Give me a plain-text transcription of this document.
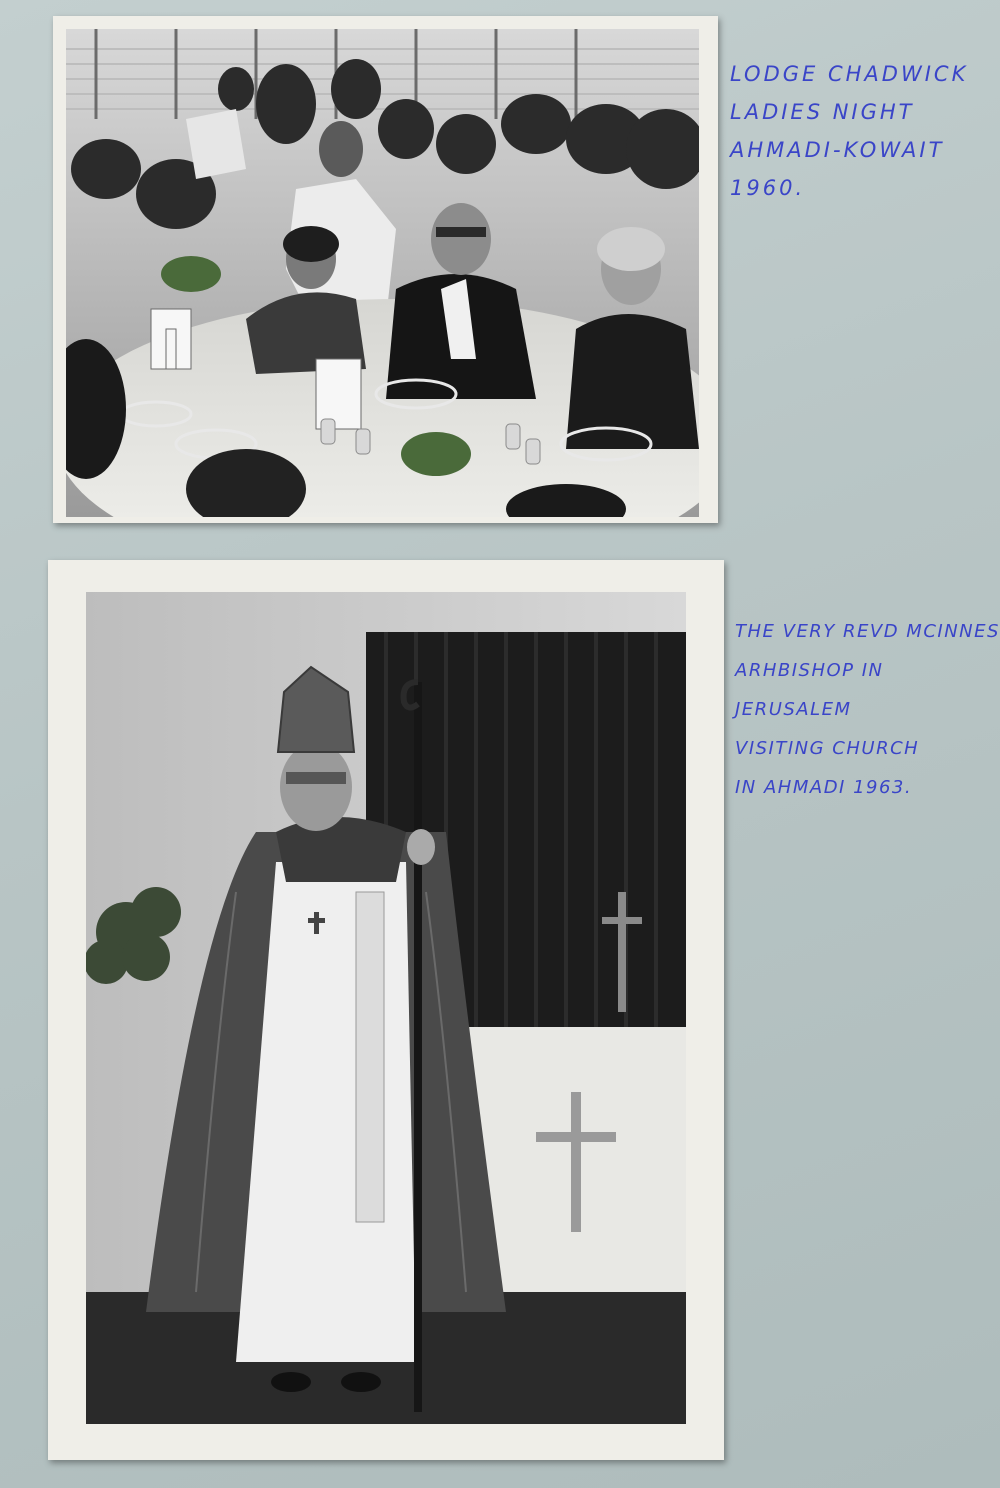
LODGE CHADWICK
LADIES NIGHT
AHMADI-KOWAIT
1960.
THE VERY REVD MCINNES
ARHBISHOP IN
JERUSALEM
VISITING CHURCH
IN AHMADI 1963.
